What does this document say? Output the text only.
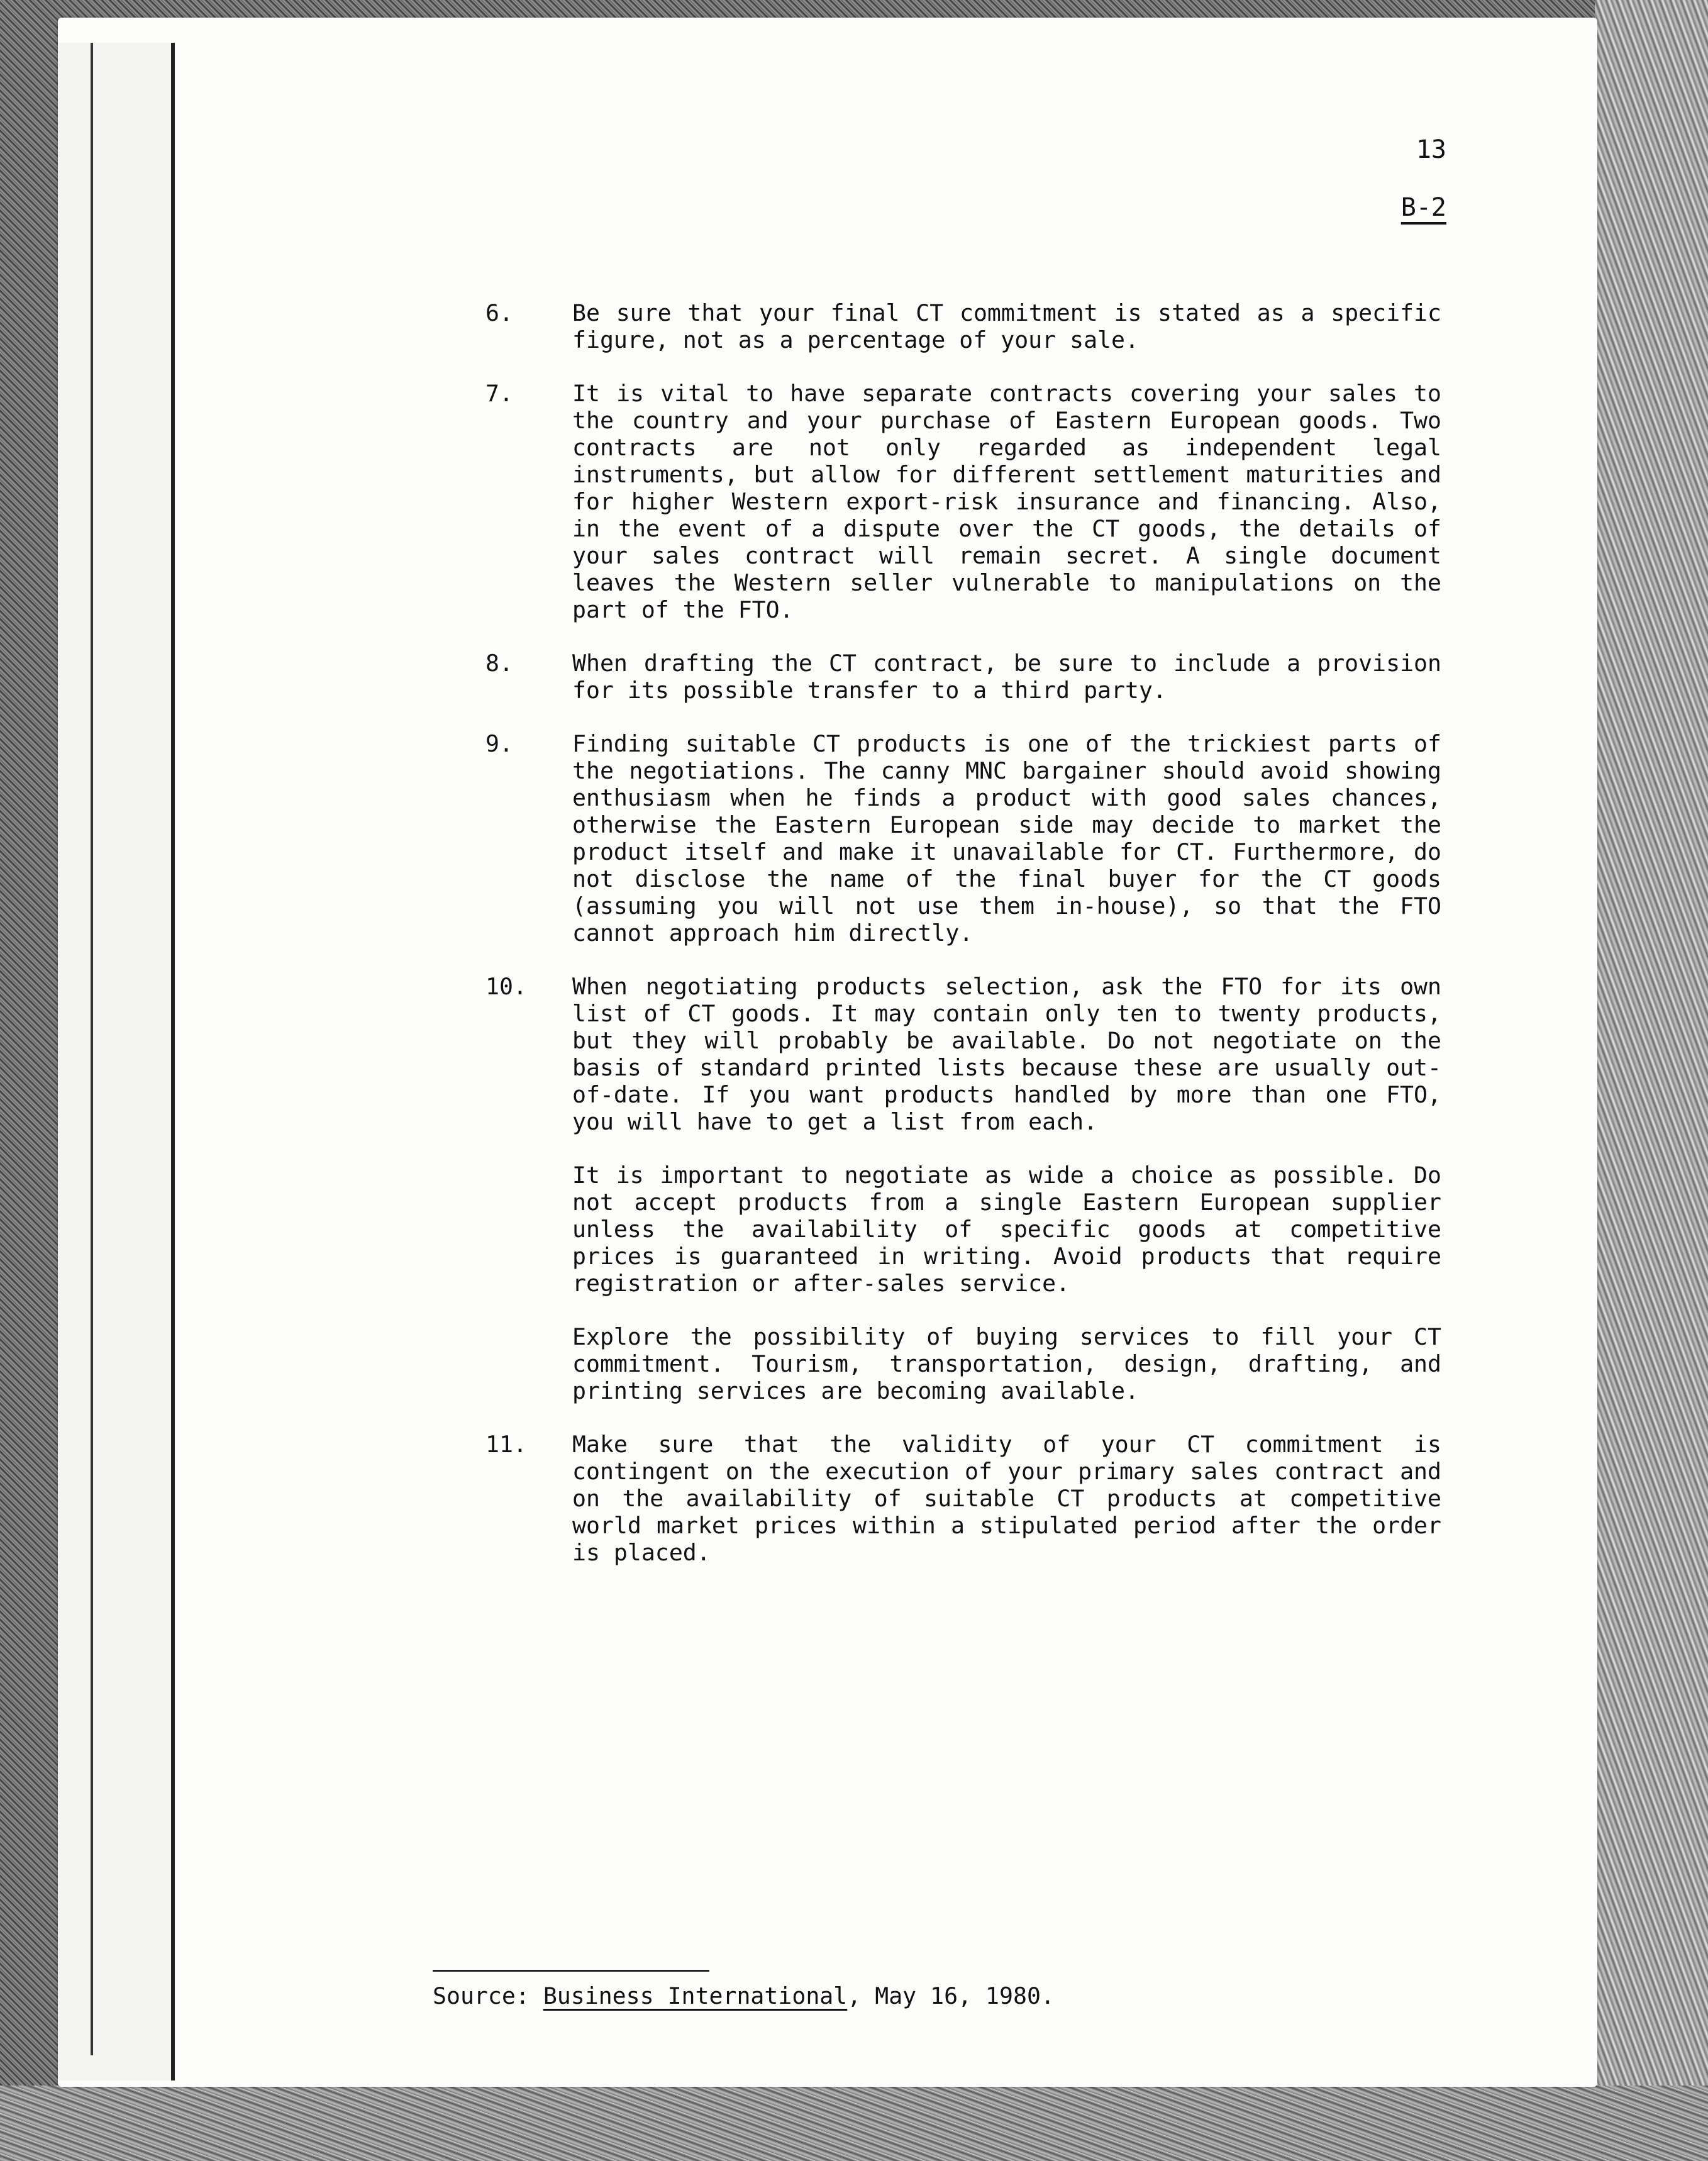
13
B-2
6.	Be sure that your final CT commitment is stated as a specific figure, not as a percentage of your sale.

7.	It is vital to have separate contracts covering your sales to the country and your purchase of Eastern European goods. Two contracts are not only regarded as independent legal instruments, but allow for different settlement maturities and for higher Western export-risk insurance and financing. Also, in the event of a dispute over the CT goods, the details of your sales contract will remain secret. A single document leaves the Western seller vulnerable to manipulations on the part of the FTO.

8.	When drafting the CT contract, be sure to include a provision for its possible transfer to a third party.

9.	Finding suitable CT products is one of the trickiest parts of the negotiations. The canny MNC bargainer should avoid showing enthusiasm when he finds a product with good sales chances, otherwise the Eastern European side may decide to market the product itself and make it unavailable for CT. Furthermore, do not disclose the name of the final buyer for the CT goods (assuming you will not use them in-house), so that the FTO cannot approach him directly.

10. When negotiating products selection, ask the FTO for its own list of CT goods. It may contain only ten to twenty products, but they will probably be available. Do not negotiate on the basis of standard printed lists because these are usually out-of-date. If you want products handled by more than one FTO, you will have to get a list from each.

It is important to negotiate as wide a choice as possible. Do not accept products from a single Eastern European supplier unless the availability of specific goods at competitive prices is guaranteed in writing. Avoid products that require registration or after-sales service.

Explore the possibility of buying services to fill your CT commitment. Tourism, transportation, design, drafting, and printing services are becoming available.

11. Make sure that the validity of your CT commitment is contingent on the execution of your primary sales contract and on the availability of suitable CT products at competitive world market prices within a stipulated period after the order is placed.

Source: Business International, May 16, 1980.
